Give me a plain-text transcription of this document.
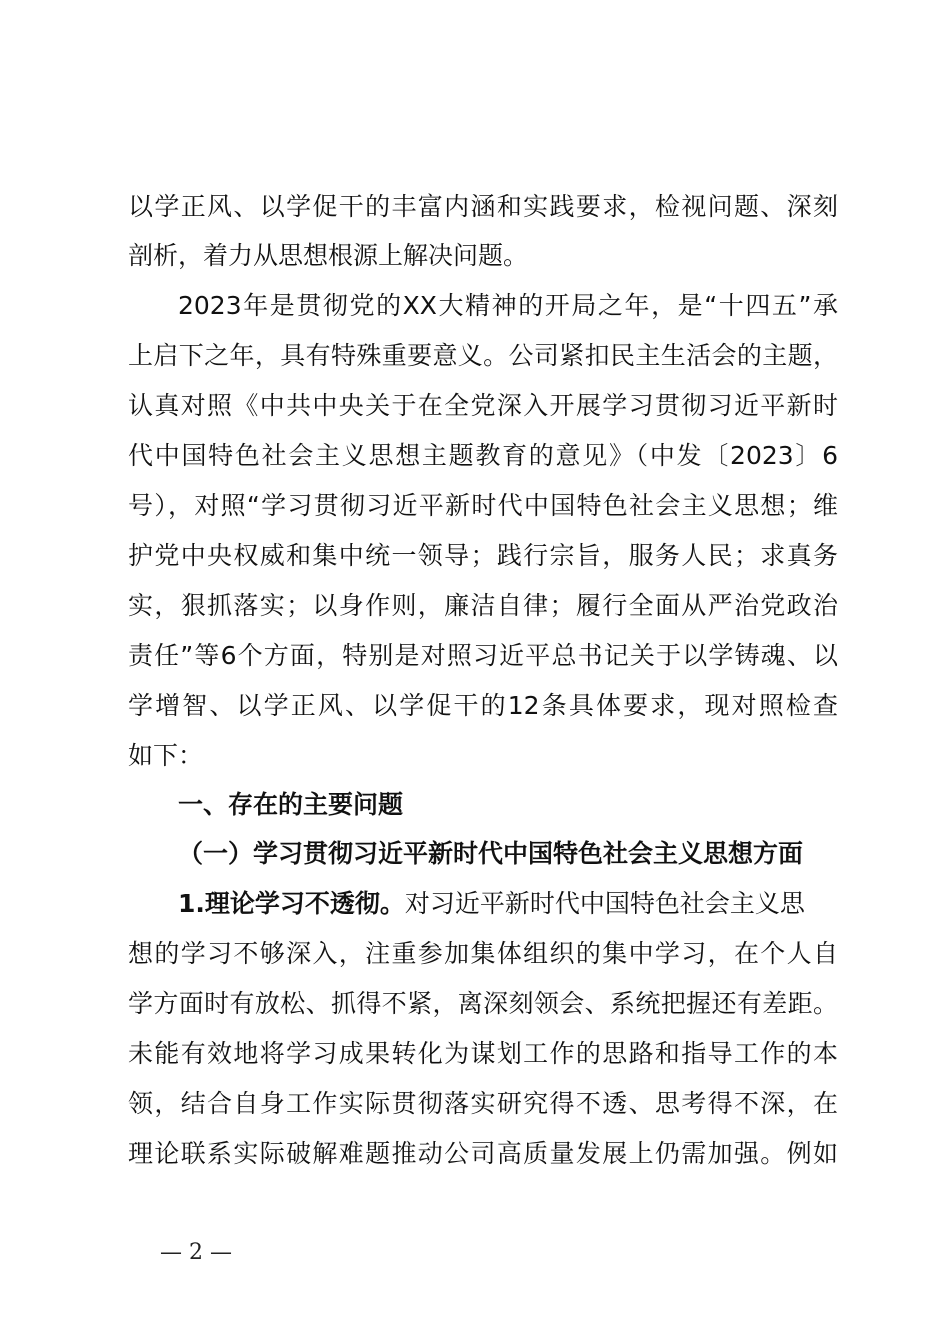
以学正风、以学促干的丰富内涵和实践要求，检视问题、深刻
剖析，着力从思想根源上解决问题。
2023年是贯彻党的XX大精神的开局之年，是“十四五”承
上启下之年，具有特殊重要意义。公司紧扣民主生活会的主题，
认真对照《中共中央关于在全党深入开展学习贯彻习近平新时
代中国特色社会主义思想主题教育的意见》（中发〔2023〕6
号），对照“学习贯彻习近平新时代中国特色社会主义思想；维
护党中央权威和集中统一领导；践行宗旨，服务人民；求真务
实，狠抓落实；以身作则，廉洁自律；履行全面从严治党政治
责任”等6个方面，特别是对照习近平总书记关于以学铸魂、以
学增智、以学正风、以学促干的12条具体要求，现对照检查
如下：
一、存在的主要问题
（一）学习贯彻习近平新时代中国特色社会主义思想方面
1.理论学习不透彻。对习近平新时代中国特色社会主义思
想的学习不够深入，注重参加集体组织的集中学习，在个人自
学方面时有放松、抓得不紧，离深刻领会、系统把握还有差距。
未能有效地将学习成果转化为谋划工作的思路和指导工作的本
领，结合自身工作实际贯彻落实研究得不透、思考得不深，在
理论联系实际破解难题推动公司高质量发展上仍需加强。例如
— 2 —
